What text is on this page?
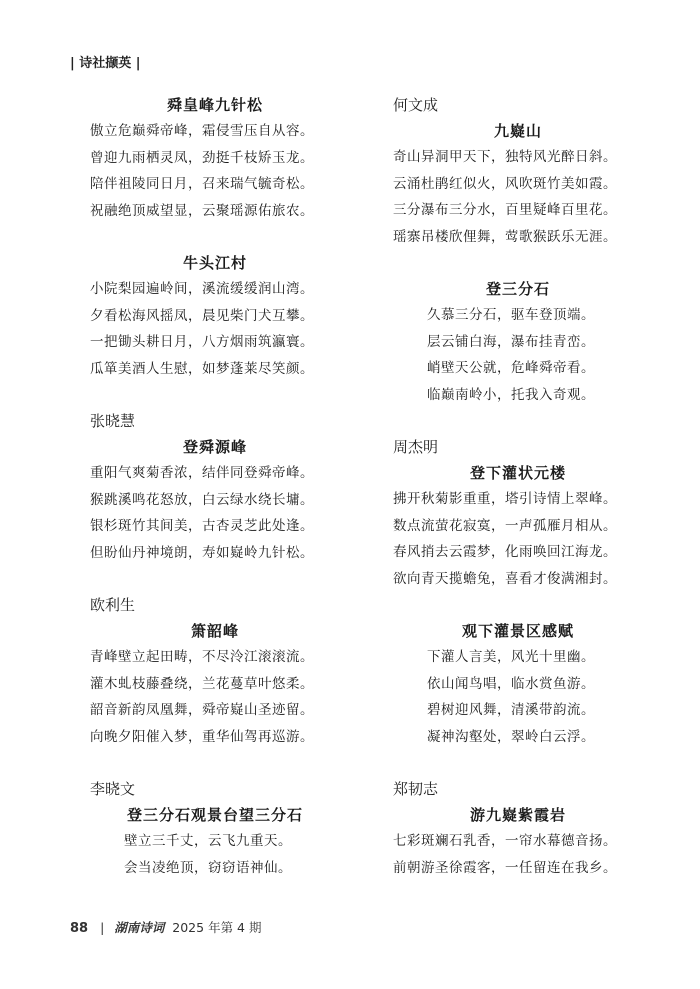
| 诗社撷英 |
舜皇峰九针松
傲立危巅舜帝峰，霜侵雪压自从容。
曾迎九雨栖灵凤，劲挺千枝矫玉龙。
陪伴祖陵同日月，召来瑞气毓奇松。
祝融绝顶威望显，云聚瑶源佑旅农。
牛头江村
小院梨园遍岭间，溪流缓缓润山湾。
夕看松海风摇凤，晨见柴门犬互攀。
一把锄头耕日月，八方烟雨筑瀛寰。
瓜箪美酒人生慰，如梦蓬莱尽笑颜。
张晓慧
登舜源峰
重阳气爽菊香浓，结伴同登舜帝峰。
猴跳溪鸣花怒放，白云绿水绕长墉。
银杉斑竹其间美，古杏灵芝此处逢。
但盼仙丹神境朗，寿如嶷岭九针松。
欧利生
箫韶峰
青峰壁立起田畴，不尽泠江滚滚流。
灌木虬枝藤叠绕，兰花蔓草叶悠柔。
韶音新韵凤凰舞，舜帝嶷山圣迹留。
向晚夕阳催入梦，重华仙驾再巡游。
李晓文
登三分石观景台望三分石
壁立三千丈，云飞九重天。
会当凌绝顶，窃窃语神仙。
何文成
九嶷山
奇山异洞甲天下，独特风光醉日斜。
云涌杜鹃红似火，风吹斑竹美如霞。
三分瀑布三分水，百里疑峰百里花。
瑶寨吊楼欣俚舞，莺歌猴跃乐无涯。
登三分石
久慕三分石，驱车登顶端。
层云铺白海，瀑布挂青峦。
峭壁天公就，危峰舜帝看。
临巅南岭小，托我入奇观。
周杰明
登下灌状元楼
拂开秋菊影重重，塔引诗情上翠峰。
数点流萤花寂寞，一声孤雁月相从。
春风捎去云霞梦，化雨唤回江海龙。
欲向青天揽蟾兔，喜看才俊满湘封。
观下灌景区感赋
下灌人言美，风光十里幽。
依山闻鸟唱，临水赏鱼游。
碧树迎风舞，清溪带韵流。
凝神沟壑处，翠岭白云浮。
郑韧志
游九嶷紫霞岩
七彩斑斓石乳香，一帘水幕德音扬。
前朝游圣徐霞客，一任留连在我乡。
88 | 湖南诗词 2025 年第 4 期
